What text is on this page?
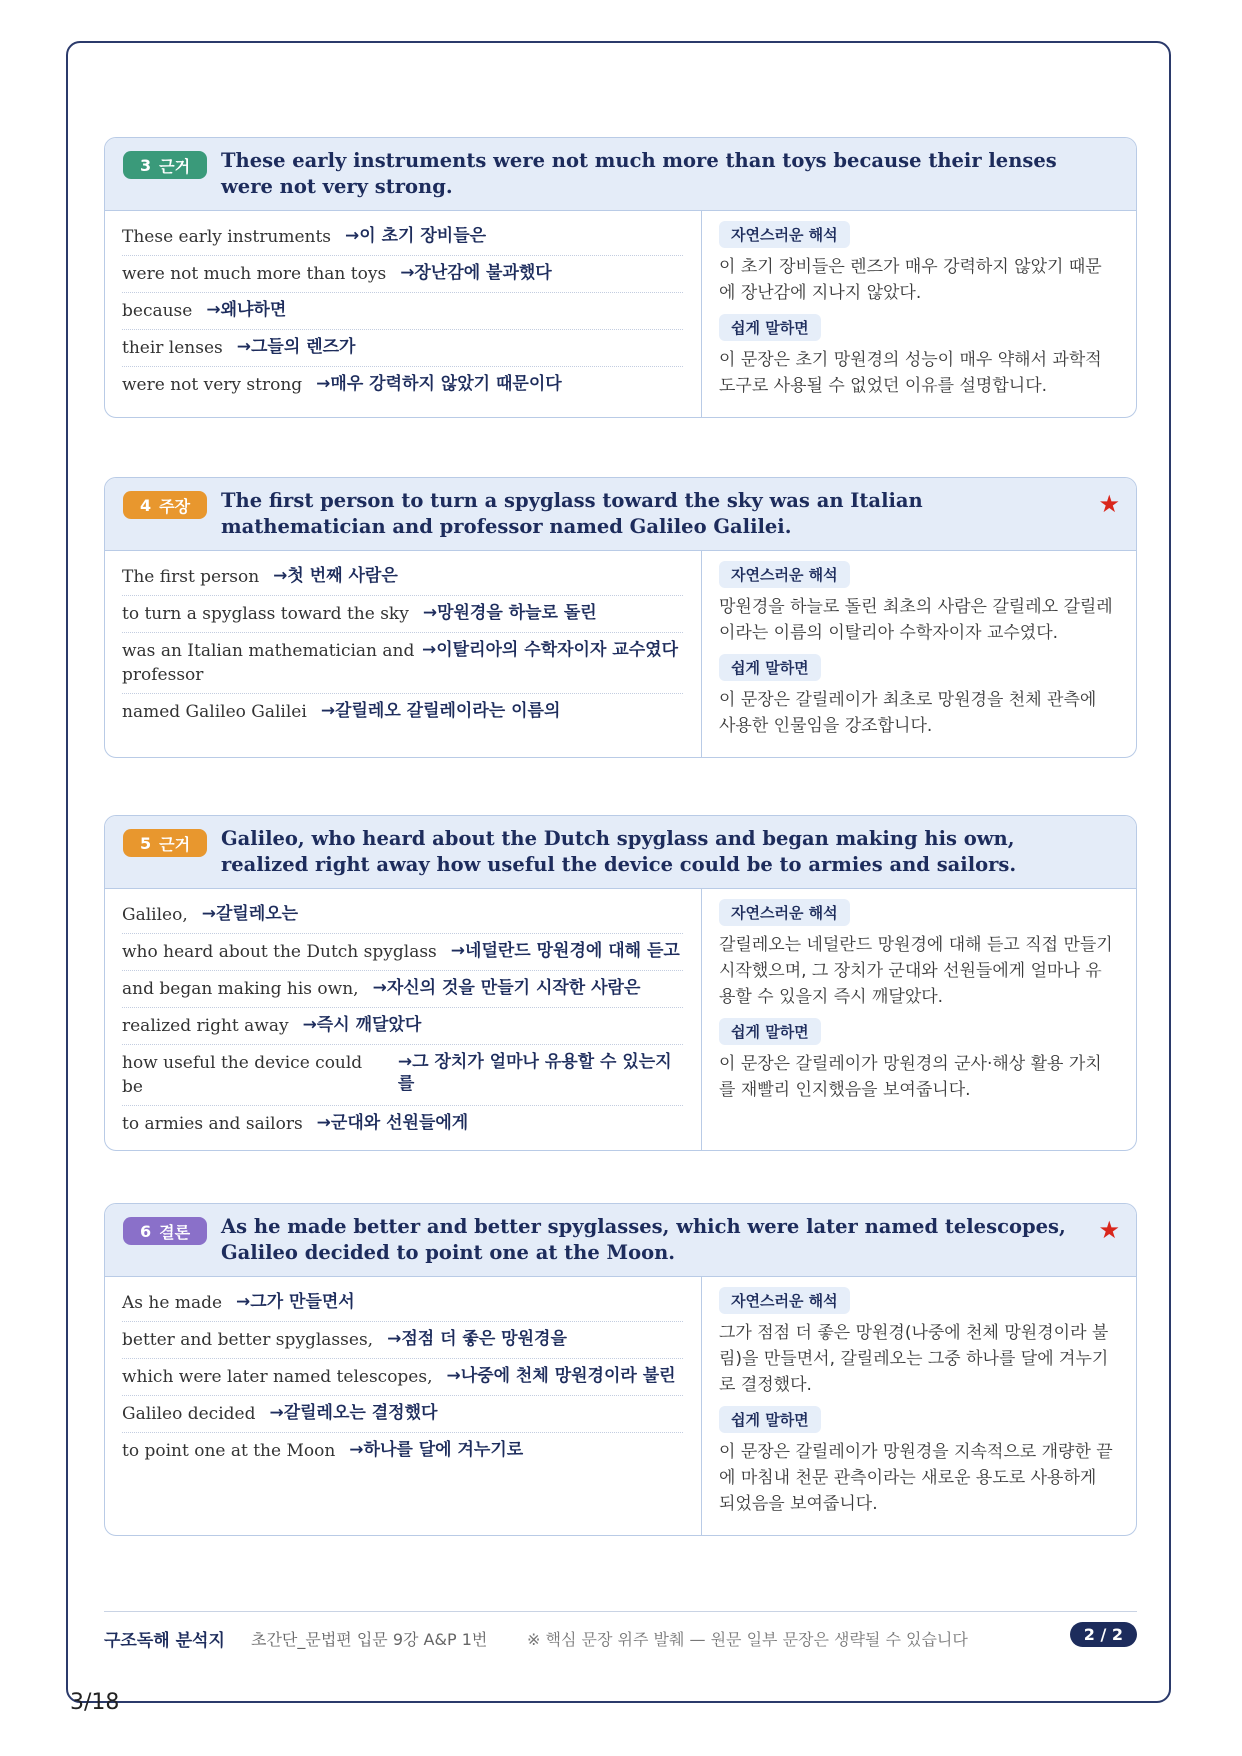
3 근거 These early instruments were not much more than toys because their lenses were not very strong.
These early instruments →이 초기 장비들은
were not much more than toys →장난감에 불과했다
because →왜냐하면
their lenses →그들의 렌즈가
were not very strong →매우 강력하지 않았기 때문이다
자연스러운 해석

이 초기 장비들은 렌즈가 매우 강력하지 않았기 때문에 장난감에 지나지 않았다.

쉽게 말하면

이 문장은 초기 망원경의 성능이 매우 약해서 과학적 도구로 사용될 수 없었던 이유를 설명합니다.

4 주장 The first person to turn a spyglass toward the sky was an Italian mathematician and professor named Galileo Galilei.
★
The first person →첫 번째 사람은
to turn a spyglass toward the sky →망원경을 하늘로 돌린
was an Italian mathematician and professor
→이탈리아의 수학자이자 교수였다
named Galileo Galilei →갈릴레오 갈릴레이라는 이름의
자연스러운 해석

망원경을 하늘로 돌린 최초의 사람은 갈릴레오 갈릴레이라는 이름의 이탈리아 수학자이자 교수였다.

쉽게 말하면

이 문장은 갈릴레이가 최초로 망원경을 천체 관측에 사용한 인물임을 강조합니다.

5 근거 Galileo, who heard about the Dutch spyglass and began making his own, realized right away how useful the device could be to armies and sailors.
Galileo, →갈릴레오는
who heard about the Dutch spyglass →네덜란드 망원경에 대해 듣고
and began making his own, →자신의 것을 만들기 시작한 사람은
realized right away →즉시 깨달았다
how useful the device could be
→그 장치가 얼마나 유용할 수 있는지를
to armies and sailors →군대와 선원들에게
자연스러운 해석

갈릴레오는 네덜란드 망원경에 대해 듣고 직접 만들기 시작했으며, 그 장치가 군대와 선원들에게 얼마나 유용할 수 있을지 즉시 깨달았다.

쉽게 말하면

이 문장은 갈릴레이가 망원경의 군사·해상 활용 가치를 재빨리 인지했음을 보여줍니다.

6 결론 As he made better and better spyglasses, which were later named telescopes, Galileo decided to point one at the Moon.
★
As he made →그가 만들면서
better and better spyglasses, →점점 더 좋은 망원경을
which were later named telescopes, →나중에 천체 망원경이라 불린
Galileo decided →갈릴레오는 결정했다
to point one at the Moon →하나를 달에 겨누기로
자연스러운 해석

그가 점점 더 좋은 망원경(나중에 천체 망원경이라 불림)을 만들면서, 갈릴레오는 그중 하나를 달에 겨누기로 결정했다.

쉽게 말하면

이 문장은 갈릴레이가 망원경을 지속적으로 개량한 끝에 마침내 천문 관측이라는 새로운 용도로 사용하게 되었음을 보여줍니다.

구조독해 분석지 초간단_문법편 입문 9강 A&P 1번 ※ 핵심 문장 위주 발췌 — 원문 일부 문장은 생략될 수 있습니다	2 / 2
3/18
